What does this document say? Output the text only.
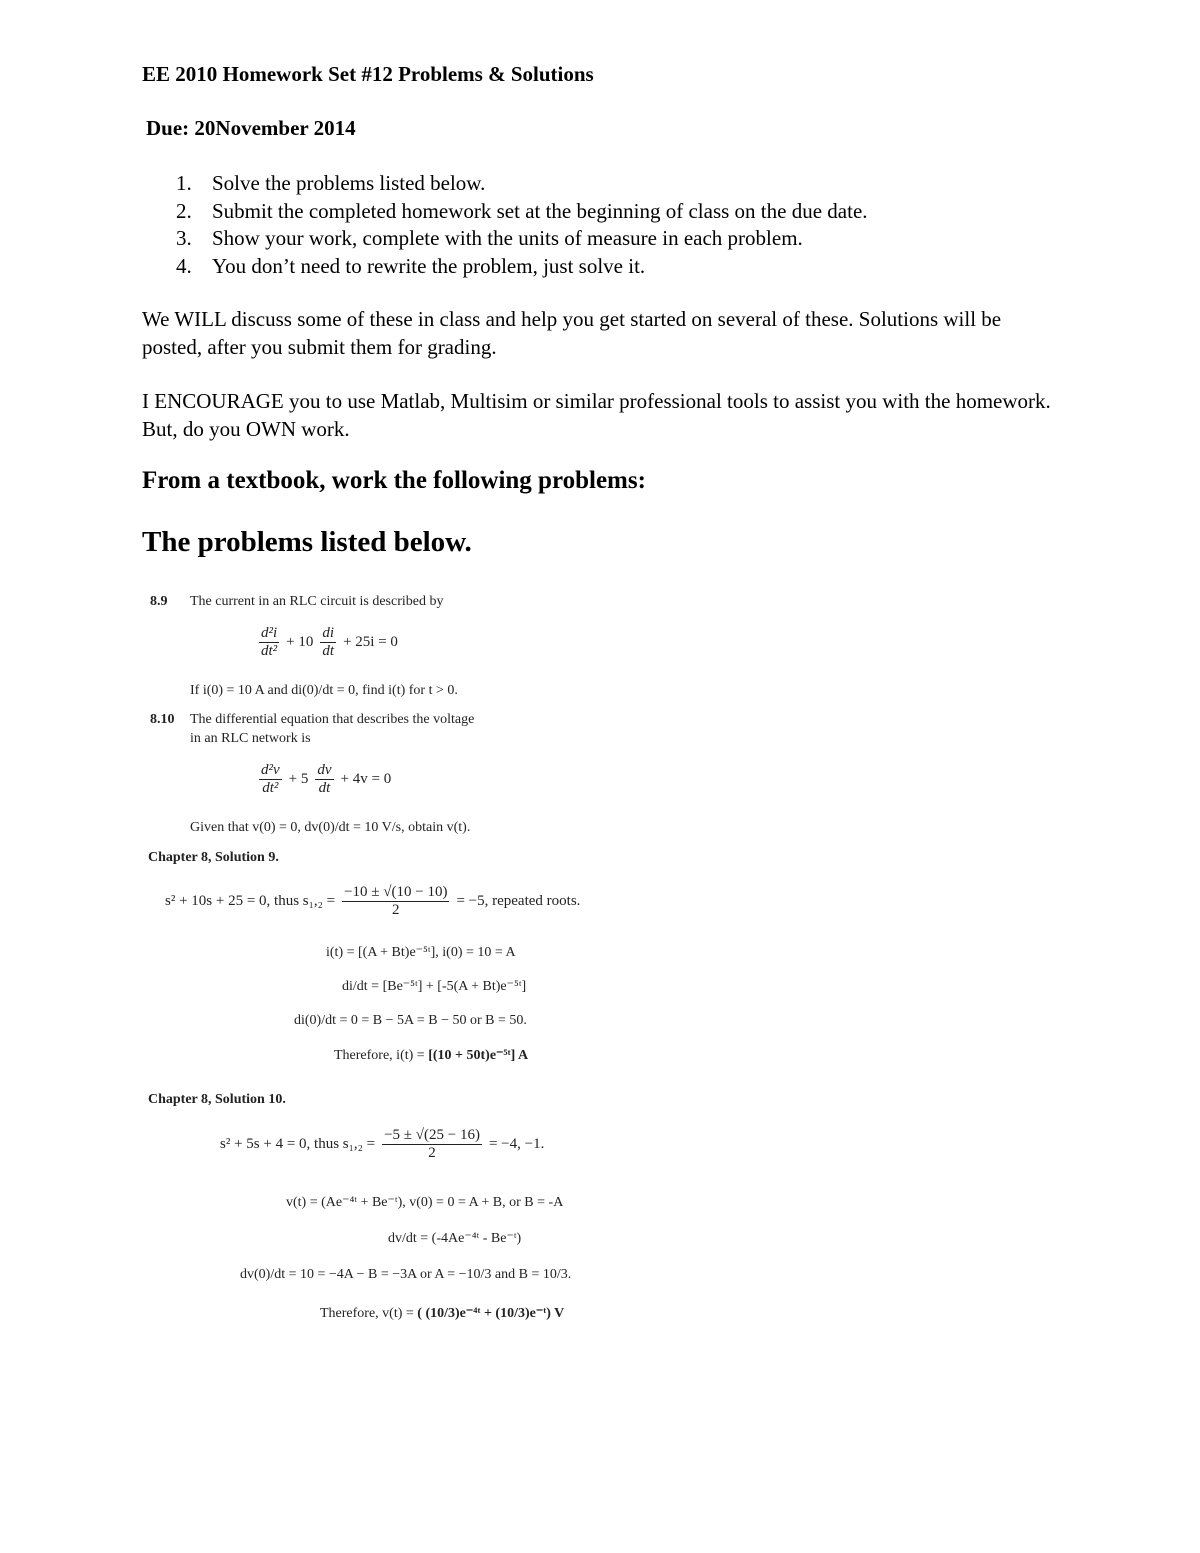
EE 2010 Homework Set #12 Problems & Solutions
Due: 20November 2014
1. Solve the problems listed below.
2. Submit the completed homework set at the beginning of class on the due date.
3. Show your work, complete with the units of measure in each problem.
4. You don’t need to rewrite the problem, just solve it.
We WILL discuss some of these in class and help you get started on several of these. Solutions will be posted, after you submit them for grading.
I ENCOURAGE you to use Matlab, Multisim or similar professional tools to assist you with the homework. But, do you OWN work.
From a textbook, work the following problems:
The problems listed below.
8.9 The current in an RLC circuit is described by
$\frac{\text{d²i}}{\text{dt²}} + 10 \frac{di}{dt} + 25i = 0$
If i(0) = 10 A and di(0)/dt = 0, find i(t) for t > 0.
8.10 The differential equation that describes the voltage
in an RLC network is
$\frac{\text{d²v}}{\text{dt²}} + 5 \frac{dv}{dt} + 4v = 0$
Given that v(0) = 0, dv(0)/dt = 10 V/s, obtain v(t).
Chapter 8, Solution 9.
s² + 10s + 25 = 0, thus $s_1,_2 = \frac{-10 \pm √(10 - 10)}{2} = -5$, repeated roots.
i(t) = [(A + Bt)e⁻⁵ᵗ], i(0) = 10 = A
di/dt = [Be⁻⁵ᵗ] + [-5(A + Bt)e⁻⁵ᵗ]
di(0)/dt = 0 = B − 5A = B − 50 or B = 50.
Therefore, i(t) = [(10 + 50t)e⁻⁵ᵗ] A
Chapter 8, Solution 10.
s² + 5s + 4 = 0, thus $s_1,_2 = \frac{-5 \pm √(25 - 16)}{2} = -4$, −1.
v(t) = (Ae⁻⁴ᵗ + Be⁻ᵗ), v(0) = 0 = A + B, or B = -A
dv/dt = (-4Ae⁻⁴ᵗ - Be⁻ᵗ)
dv(0)/dt = 10 = −4A − B = −3A or A = −10/3 and B = 10/3.
Therefore, v(t) = ( (10/3)e⁻⁴ᵗ + (10/3)e⁻ᵗ) V
